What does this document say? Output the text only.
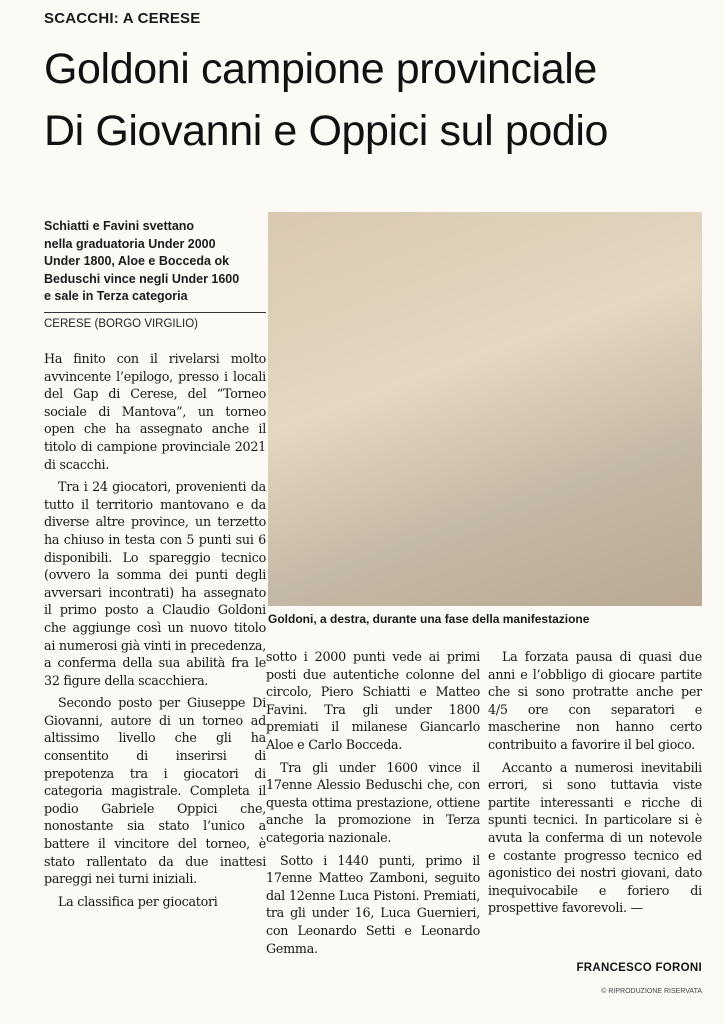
SCACCHI: A CERESE
Goldoni campione provinciale
Di Giovanni e Oppici sul podio
Schiatti e Favini svettano
nella graduatoria Under 2000
Under 1800, Aloe e Bocceda ok
Beduschi vince negli Under 1600
e sale in Terza categoria
CERESE (BORGO VIRGILIO)

Ha finito con il rivelarsi molto avvincente l’epilogo, presso i locali del Gap di Cerese, del “Torneo sociale di Mantova”, un torneo open che ha assegnato anche il titolo di campione provinciale 2021 di scacchi.

Tra i 24 giocatori, provenienti da tutto il territorio mantovano e da diverse altre province, un terzetto ha chiuso in testa con 5 punti sui 6 disponibili. Lo spareggio tecnico (ovvero la somma dei punti degli avversari incontrati) ha assegnato il primo posto a Claudio Goldoni che aggiunge così un nuovo titolo ai numerosi già vinti in precedenza, a conferma della sua abilità fra le 32 figure della scacchiera.

Secondo posto per Giuseppe Di Giovanni, autore di un torneo ad altissimo livello che gli ha consentito di inserirsi di prepotenza tra i giocatori di categoria magistrale. Completa il podio Gabriele Oppici che, nonostante sia stato l’unico a battere il vincitore del torneo, è stato rallentato da due inattesi pareggi nei turni iniziali.

La classifica per giocatori

Goldoni, a destra, durante una fase della manifestazione

sotto i 2000 punti vede ai primi posti due autentiche colonne del circolo, Piero Schiatti e Matteo Favini. Tra gli under 1800 premiati il milanese Giancarlo Aloe e Carlo Bocceda.

Tra gli under 1600 vince il 17enne Alessio Beduschi che, con questa ottima prestazione, ottiene anche la promozione in Terza categoria nazionale.

Sotto i 1440 punti, primo il 17enne Matteo Zamboni, seguito dal 12enne Luca Pistoni. Premiati, tra gli under 16, Luca Guernieri, con Leonardo Setti e Leonardo Gemma.

La forzata pausa di quasi due anni e l’obbligo di giocare partite che si sono protratte anche per 4/5 ore con separatori e mascherine non hanno certo contribuito a favorire il bel gioco.

Accanto a numerosi inevitabili errori, si sono tuttavia viste partite interessanti e ricche di spunti tecnici. In particolare si è avuta la conferma di un notevole e costante progresso tecnico ed agonistico dei nostri giovani, dato inequivocabile e foriero di prospettive favorevoli. —

FRANCESCO FORONI
© RIPRODUZIONE RISERVATA
